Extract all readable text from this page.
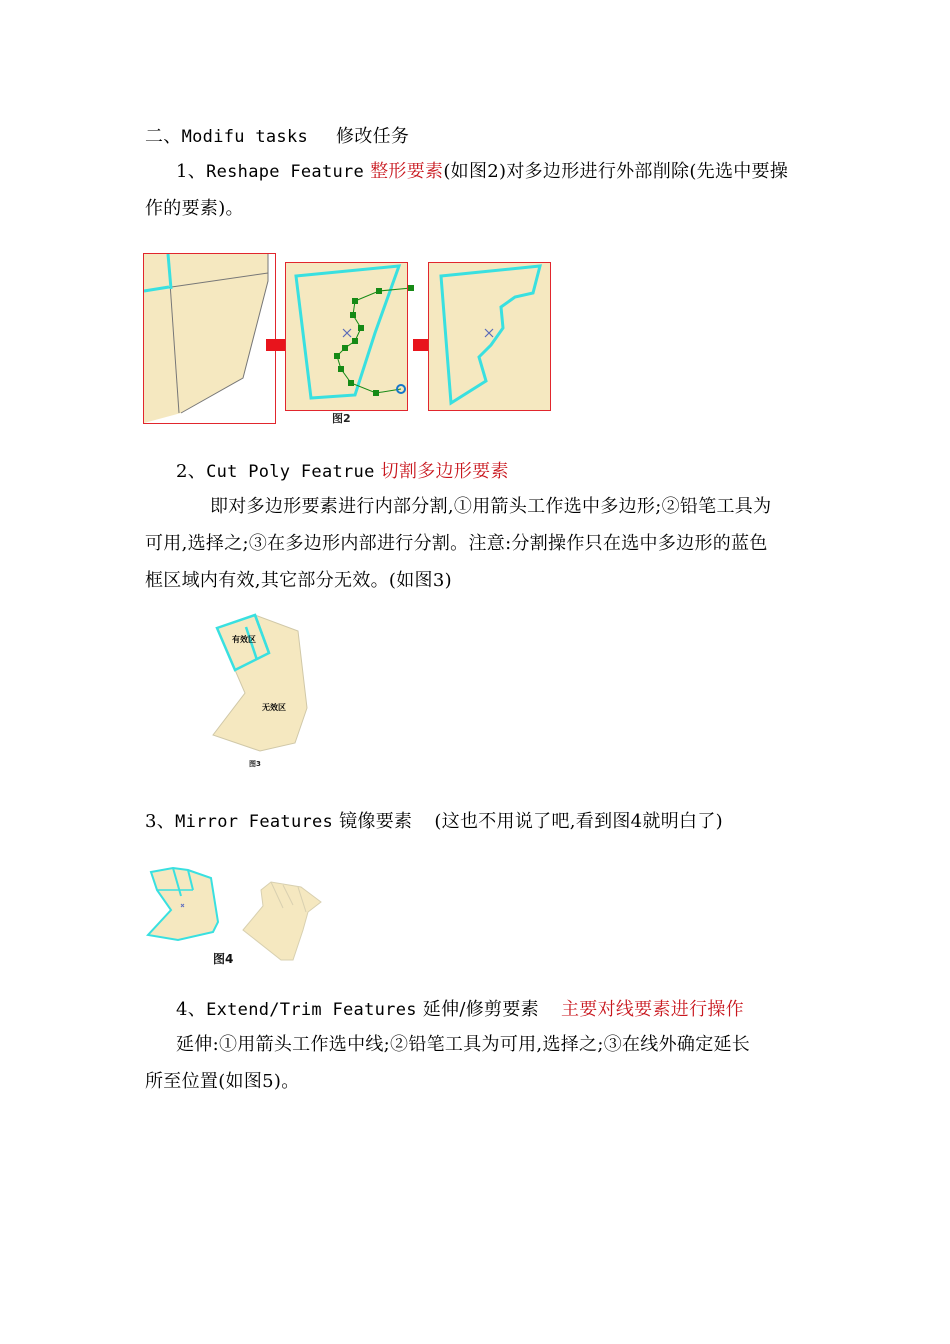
二、Modifu tasks 修改任务
1、Reshape Feature 整形要素(如图2)对多边形进行外部削除(先选中要操
作的要素)。
图2
2、Cut Poly Featrue 切割多边形要素
即对多边形要素进行内部分割,①用箭头工作选中多边形;②铅笔工具为
可用,选择之;③在多边形内部进行分割。注意:分割操作只在选中多边形的蓝色
框区域内有效,其它部分无效。(如图3)
有效区
无效区
图3
3、Mirror Features 镜像要素 (这也不用说了吧,看到图4就明白了)
图4
4、Extend/Trim Features 延伸/修剪要素 主要对线要素进行操作
延伸:①用箭头工作选中线;②铅笔工具为可用,选择之;③在线外确定延长
所至位置(如图5)。
